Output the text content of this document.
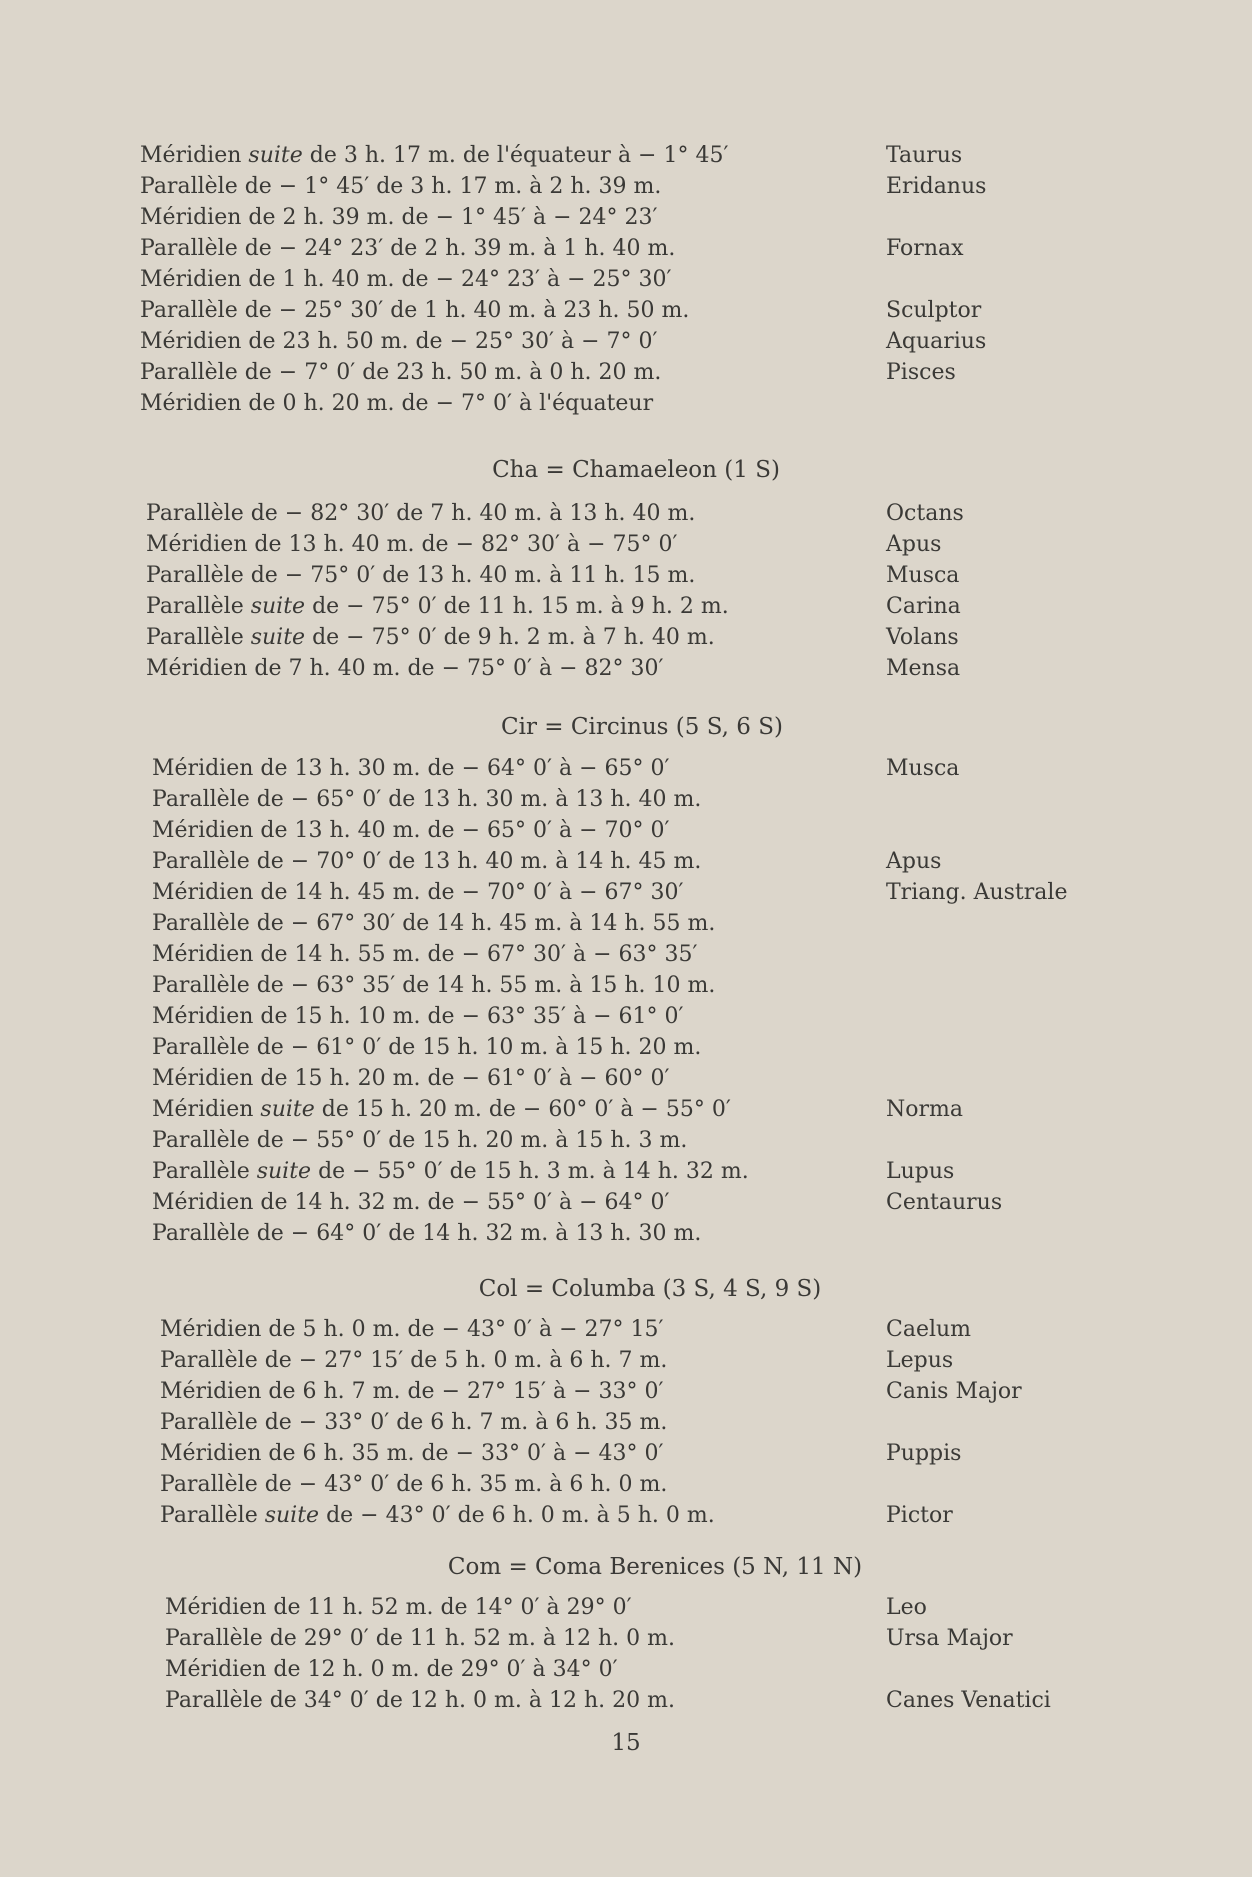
Méridien suite de 3 h. 17 m. de l'équateur à − 1° 45′	Taurus
Parallèle de − 1° 45′ de 3 h. 17 m. à 2 h. 39 m.	Eridanus
Méridien de 2 h. 39 m. de − 1° 45′ à − 24° 23′
Parallèle de − 24° 23′ de 2 h. 39 m. à 1 h. 40 m.	Fornax
Méridien de 1 h. 40 m. de − 24° 23′ à − 25° 30′
Parallèle de − 25° 30′ de 1 h. 40 m. à 23 h. 50 m.	Sculptor
Méridien de 23 h. 50 m. de − 25° 30′ à − 7° 0′	Aquarius
Parallèle de − 7° 0′ de 23 h. 50 m. à 0 h. 20 m.	Pisces
Méridien de 0 h. 20 m. de − 7° 0′ à l'équateur
Cha = Chamaeleon (1 S)
Parallèle de − 82° 30′ de 7 h. 40 m. à 13 h. 40 m.	Octans
Méridien de 13 h. 40 m. de − 82° 30′ à − 75° 0′	Apus
Parallèle de − 75° 0′ de 13 h. 40 m. à 11 h. 15 m.	Musca
Parallèle suite de − 75° 0′ de 11 h. 15 m. à 9 h. 2 m.	Carina
Parallèle suite de − 75° 0′ de 9 h. 2 m. à 7 h. 40 m.	Volans
Méridien de 7 h. 40 m. de − 75° 0′ à − 82° 30′	Mensa
Cir = Circinus (5 S, 6 S)
Méridien de 13 h. 30 m. de − 64° 0′ à − 65° 0′	Musca
Parallèle de − 65° 0′ de 13 h. 30 m. à 13 h. 40 m.
Méridien de 13 h. 40 m. de − 65° 0′ à − 70° 0′
Parallèle de − 70° 0′ de 13 h. 40 m. à 14 h. 45 m.	Apus
Méridien de 14 h. 45 m. de − 70° 0′ à − 67° 30′	Triang. Australe
Parallèle de − 67° 30′ de 14 h. 45 m. à 14 h. 55 m.
Méridien de 14 h. 55 m. de − 67° 30′ à − 63° 35′
Parallèle de − 63° 35′ de 14 h. 55 m. à 15 h. 10 m.
Méridien de 15 h. 10 m. de − 63° 35′ à − 61° 0′
Parallèle de − 61° 0′ de 15 h. 10 m. à 15 h. 20 m.
Méridien de 15 h. 20 m. de − 61° 0′ à − 60° 0′
Méridien suite de 15 h. 20 m. de − 60° 0′ à − 55° 0′	Norma
Parallèle de − 55° 0′ de 15 h. 20 m. à 15 h. 3 m.
Parallèle suite de − 55° 0′ de 15 h. 3 m. à 14 h. 32 m.	Lupus
Méridien de 14 h. 32 m. de − 55° 0′ à − 64° 0′	Centaurus
Parallèle de − 64° 0′ de 14 h. 32 m. à 13 h. 30 m.
Col = Columba (3 S, 4 S, 9 S)
Méridien de 5 h. 0 m. de − 43° 0′ à − 27° 15′	Caelum
Parallèle de − 27° 15′ de 5 h. 0 m. à 6 h. 7 m.	Lepus
Méridien de 6 h. 7 m. de − 27° 15′ à − 33° 0′	Canis Major
Parallèle de − 33° 0′ de 6 h. 7 m. à 6 h. 35 m.
Méridien de 6 h. 35 m. de − 33° 0′ à − 43° 0′	Puppis
Parallèle de − 43° 0′ de 6 h. 35 m. à 6 h. 0 m.
Parallèle suite de − 43° 0′ de 6 h. 0 m. à 5 h. 0 m.	Pictor
Com = Coma Berenices (5 N, 11 N)
Méridien de 11 h. 52 m. de 14° 0′ à 29° 0′	Leo
Parallèle de 29° 0′ de 11 h. 52 m. à 12 h. 0 m.	Ursa Major
Méridien de 12 h. 0 m. de 29° 0′ à 34° 0′
Parallèle de 34° 0′ de 12 h. 0 m. à 12 h. 20 m.	Canes Venatici
15
